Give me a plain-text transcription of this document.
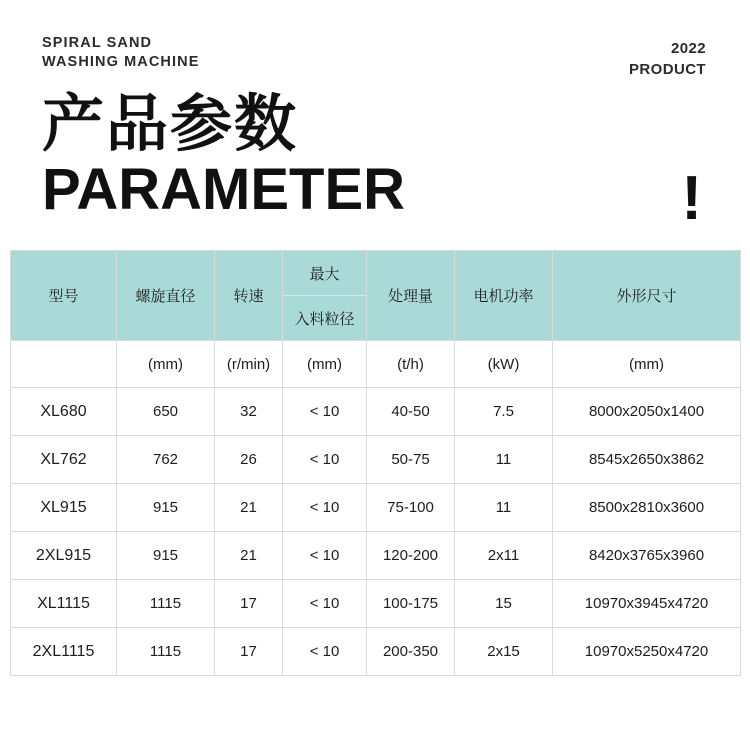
SPIRAL SAND
WASHING MACHINE
2022
PRODUCT
产品参数
PARAMETER	!
型号	螺旋直径	转速	最大	处理量	电机功率	外形尺寸
			入料粒径			
	(mm)	(r/min)	(mm)	(t/h)	(kW)	(mm)
XL680	650	32	< 10	40-50	7.5	8000x2050x1400
XL762	762	26	< 10	50-75	11	8545x2650x3862
XL915	915	21	< 10	75-100	11	8500x2810x3600
2XL915	915	21	< 10	120-200	2x11	8420x3765x3960
XL1115	1115	17	< 10	100-175	15	10970x3945x4720
2XL1115	1115	17	< 10	200-350	2x15	10970x5250x4720
